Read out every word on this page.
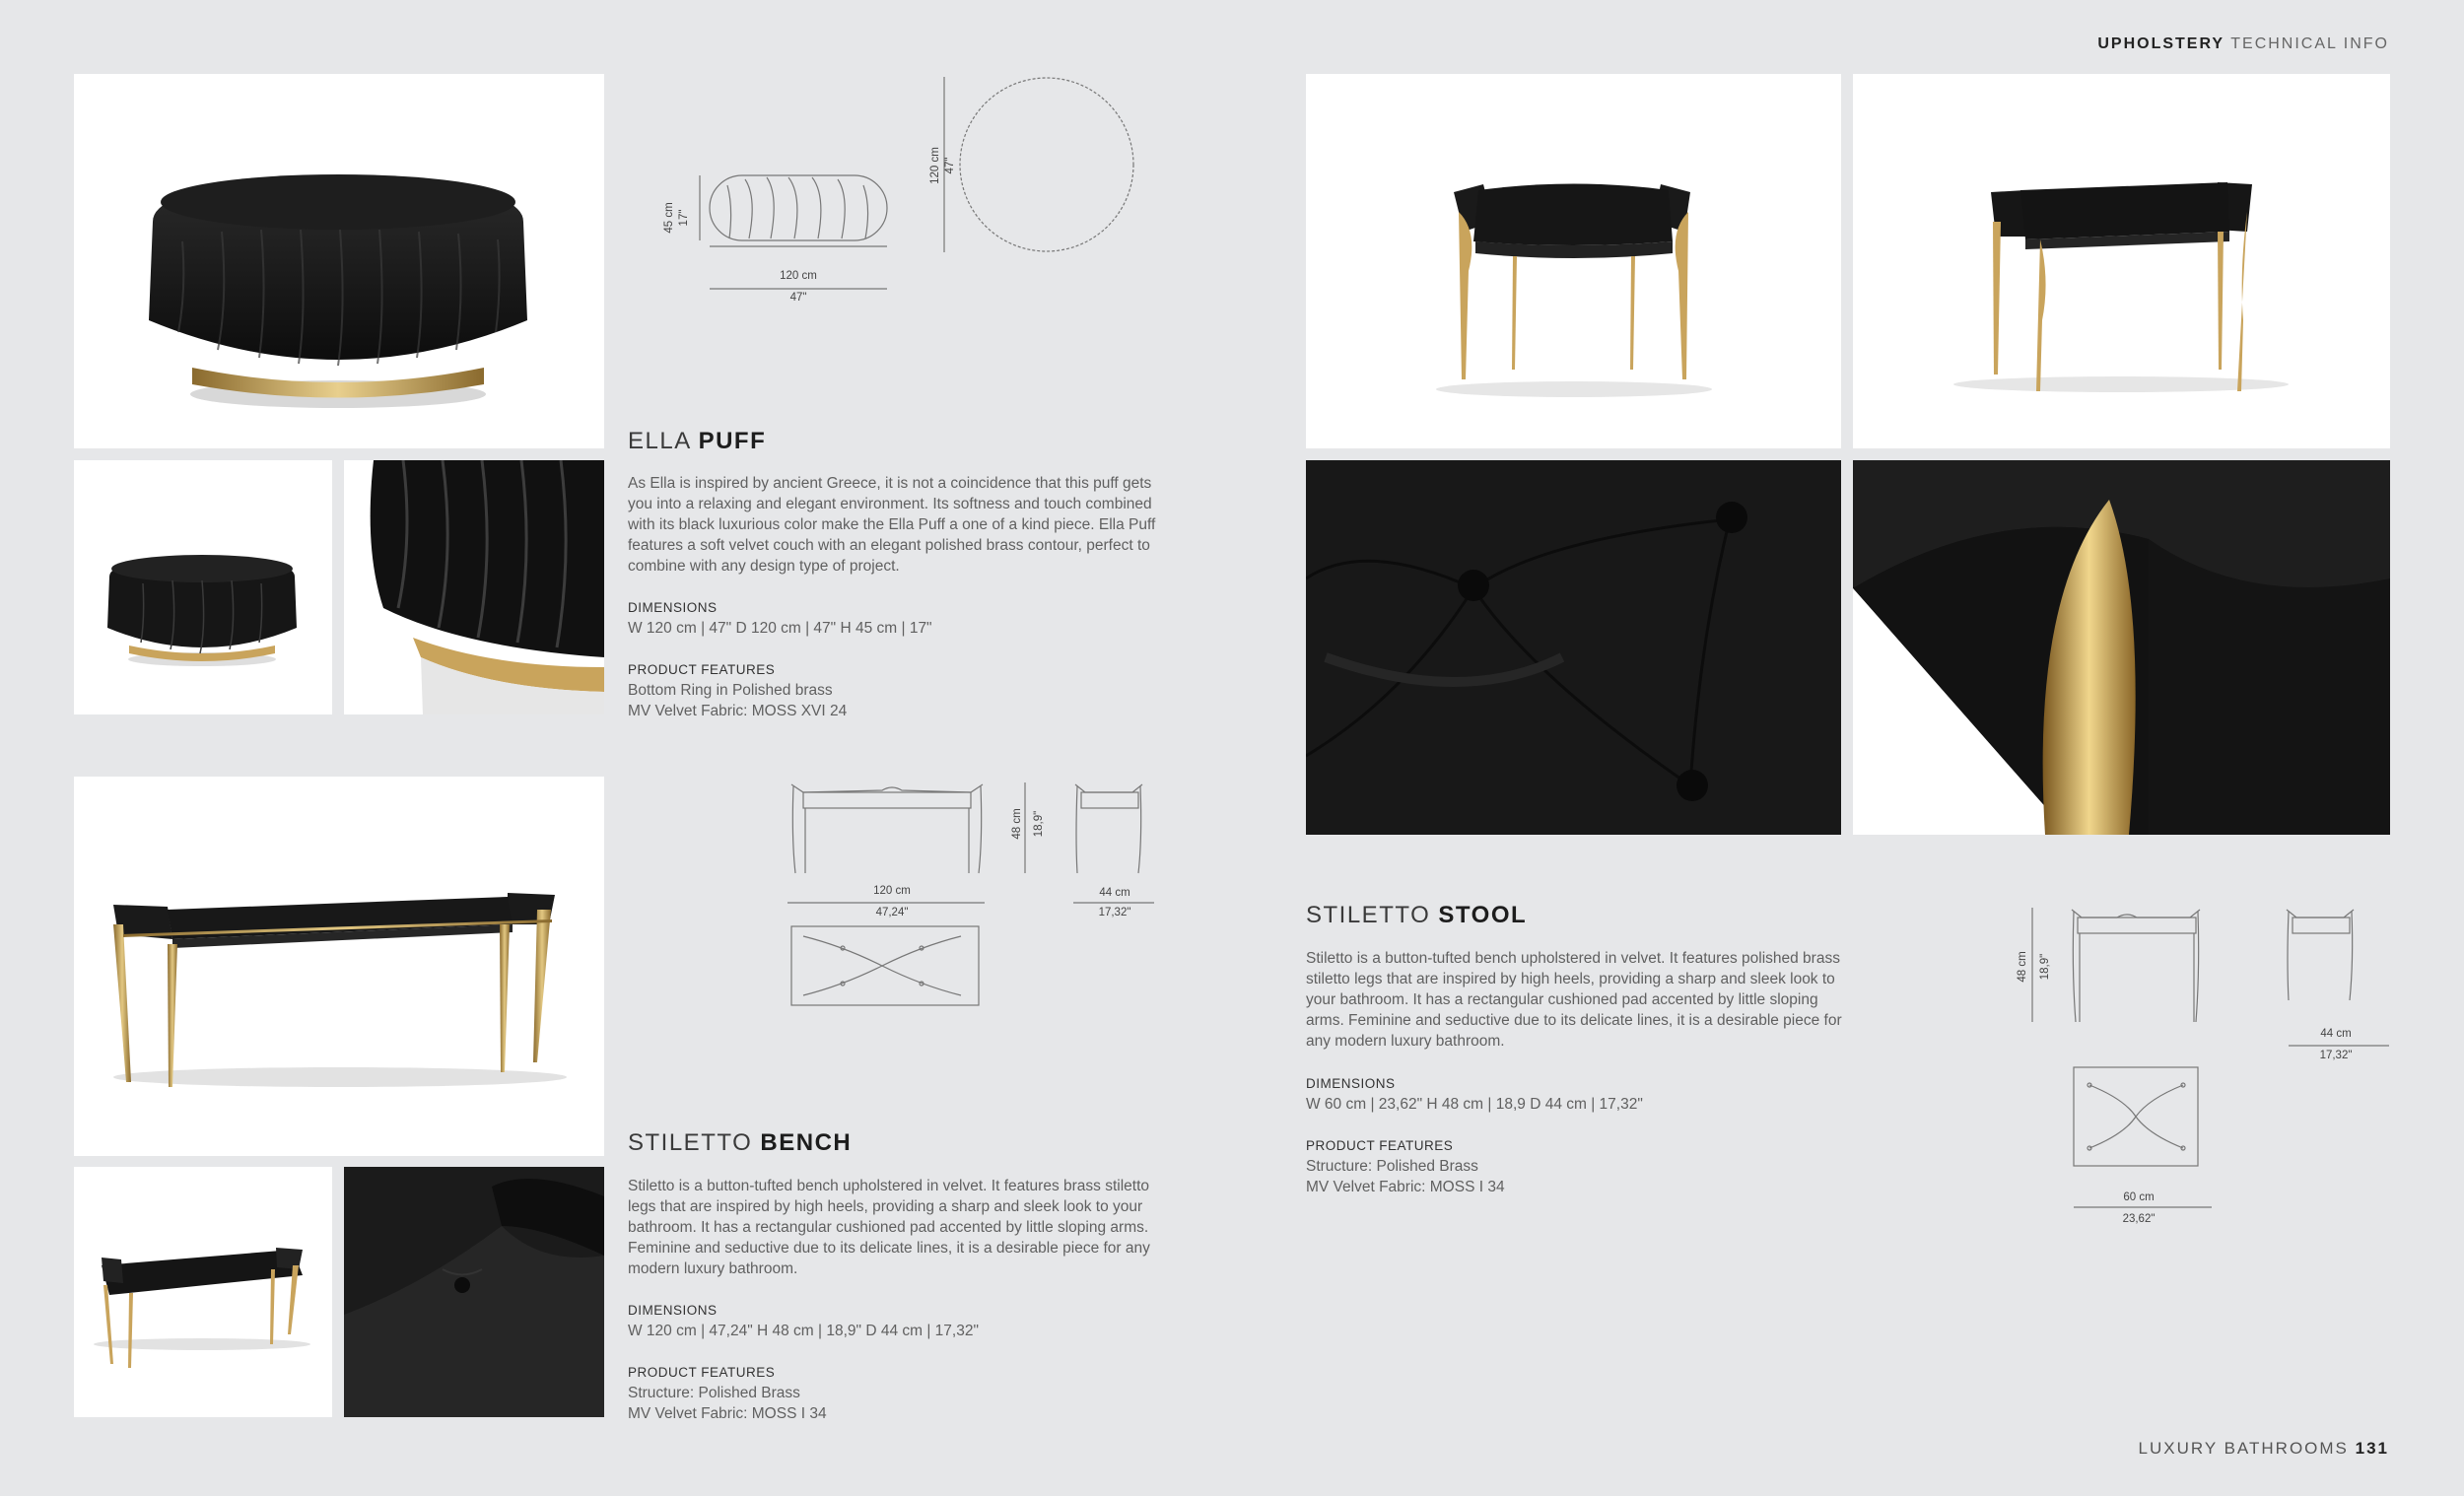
UPHOLSTERY TECHNICAL INFO
LUXURY BATHROOMS 131
45 cm 17"
120 cm
47"
120 cm 47"
ELLA PUFF
As Ella is inspired by ancient Greece, it is not a coincidence that this puff gets you into a relaxing and elegant environment. Its softness and touch combined with its black luxurious color make the Ella Puff a one of a kind piece. Ella Puff features a soft velvet couch with an elegant polished brass contour, perfect to combine with any design type of project.
DIMENSIONS
W 120 cm | 47" D 120 cm | 47" H 45 cm | 17"
PRODUCT FEATURES
Bottom Ring in Polished brass
MV Velvet Fabric: MOSS XVI 24
120 cm
47,24"
48 cm 18,9"
44 cm
17,32"
STILETTO BENCH
Stiletto is a button-tufted bench upholstered in velvet. It features brass stiletto legs that are inspired by high heels, providing a sharp and sleek look to your bathroom. It has a rectangular cushioned pad accented by little sloping arms. Feminine and seductive due to its delicate lines, it is a desirable piece for any modern luxury bathroom.
DIMENSIONS
W 120 cm | 47,24" H 48 cm | 18,9" D 44 cm | 17,32"
PRODUCT FEATURES
Structure: Polished Brass
MV Velvet Fabric: MOSS I 34
48 cm 18,9"
44 cm
17,32"
60 cm
23,62"
STILETTO STOOL
Stiletto is a button-tufted bench upholstered in velvet. It features polished brass stiletto legs that are inspired by high heels, providing a sharp and sleek look to your bathroom. It has a rectangular cushioned pad accented by little sloping arms. Feminine and seductive due to its delicate lines, it is a desirable piece for any modern luxury bathroom.
DIMENSIONS
W 60 cm | 23,62" H 48 cm | 18,9 D 44 cm | 17,32"
PRODUCT FEATURES
Structure: Polished Brass
MV Velvet Fabric: MOSS I 34
